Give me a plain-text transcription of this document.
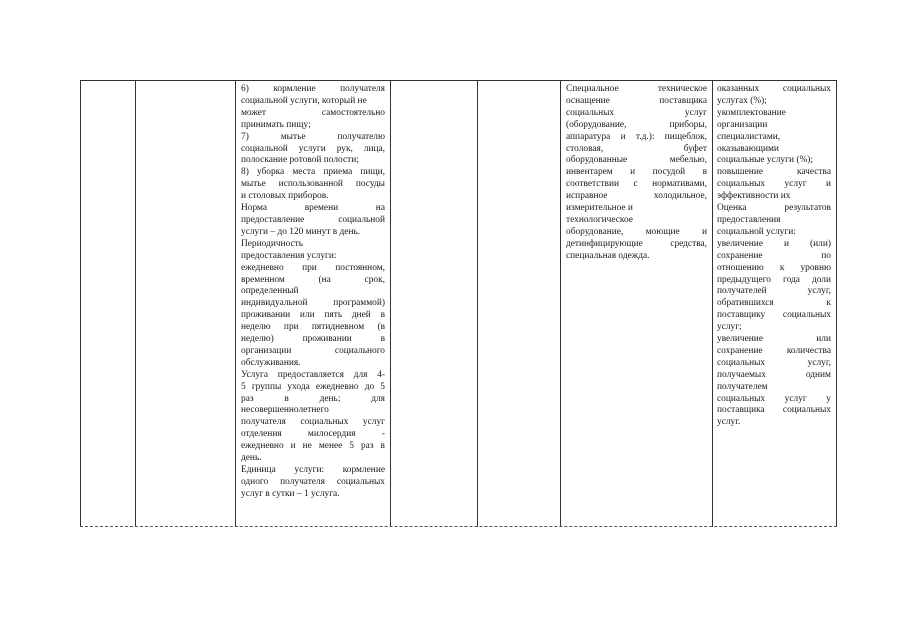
6) кормление получателя

социальной услуги, который не

может самостоятельно

принимать пищу;

7) мытье получателю

социальной услуги рук, лица,

полоскание ротовой полости;

8) уборка места приема пищи,

мытье использованной посуды

и столовых приборов.

Норма времени на

предоставление социальной

услуги – до 120 минут в день.

Периодичность

предоставления услуги:

ежедневно при постоянном,

временном (на срок,

определенный

индивидуальной программой)

проживании или пять дней в

неделю при пятидневном (в

неделю) проживании в

организации социального

обслуживания.

Услуга предоставляется для 4-

5 группы ухода ежедневно до 5

раз в день; для

несовершеннолетнего

получателя социальных услуг

отделения милосердия -

ежедневно и не менее 5 раз в

день.

Единица услуги: кормление

одного получателя социальных

услуг в сутки – 1 услуга.

Специальное техническое

оснащение поставщика

социальных услуг

(оборудование, приборы,

аппаратура и т.д.): пищеблок,

столовая, буфет

оборудованные мебелью,

инвентарем и посудой в

соответствии с нормативами,

исправное холодильное,

измерительное и

технологическое

оборудование, моющие и

детинфицирующие средства,

специальная одежда.

оказанных социальных

услугах (%);

укомплектование

организации

специалистами,

оказывающими

социальные услуги (%);

повышение качества

социальных услуг и

эффективности их

Оценка результатов

предоставления

социальной услуги:

увеличение и (или)

сохранение по

отношению к уровню

предыдущего года доли

получателей услуг,

обратившихся к

поставщику социальных

услуг;

увеличение или

сохранение количества

социальных услуг,

получаемых одним

получателем

социальных услуг у

поставщика социальных

услуг.
